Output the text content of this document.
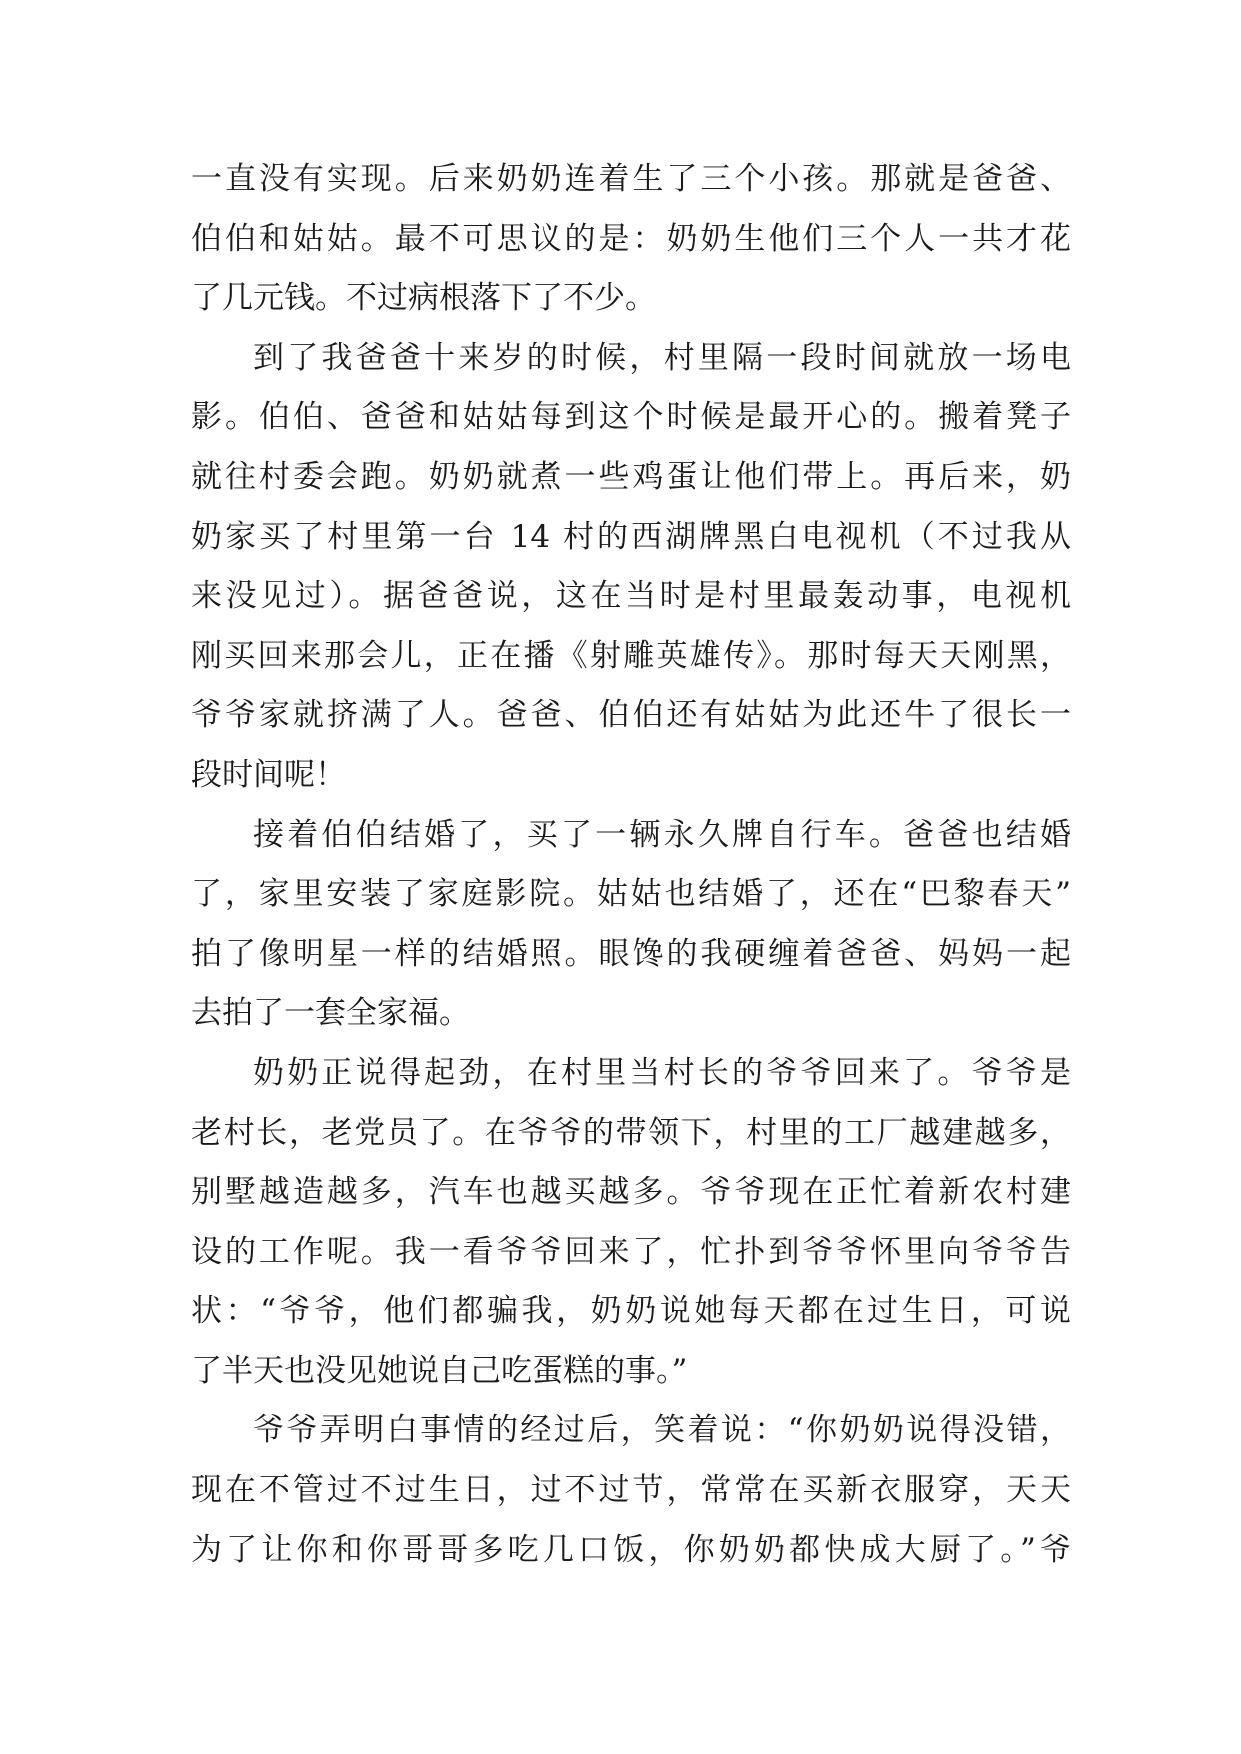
一直没有实现。后来奶奶连着生了三个小孩。那就是爸爸、
伯伯和姑姑。最不可思议的是：奶奶生他们三个人一共才花
了几元钱。不过病根落下了不少。
到了我爸爸十来岁的时候，村里隔一段时间就放一场电
影。伯伯、爸爸和姑姑每到这个时候是最开心的。搬着凳子
就往村委会跑。奶奶就煮一些鸡蛋让他们带上。再后来，奶
奶家买了村里第一台 14 村的西湖牌黑白电视机（不过我从
来没见过）。据爸爸说，这在当时是村里最轰动事，电视机
刚买回来那会儿，正在播《射雕英雄传》。那时每天天刚黑，
爷爷家就挤满了人。爸爸、伯伯还有姑姑为此还牛了很长一
段时间呢！
接着伯伯结婚了，买了一辆永久牌自行车。爸爸也结婚
了，家里安装了家庭影院。姑姑也结婚了，还在“巴黎春天”
拍了像明星一样的结婚照。眼馋的我硬缠着爸爸、妈妈一起
去拍了一套全家福。
奶奶正说得起劲，在村里当村长的爷爷回来了。爷爷是
老村长，老党员了。在爷爷的带领下，村里的工厂越建越多，
别墅越造越多，汽车也越买越多。爷爷现在正忙着新农村建
设的工作呢。我一看爷爷回来了，忙扑到爷爷怀里向爷爷告
状：“爷爷，他们都骗我，奶奶说她每天都在过生日，可说
了半天也没见她说自己吃蛋糕的事。”
爷爷弄明白事情的经过后，笑着说：“你奶奶说得没错，
现在不管过不过生日，过不过节，常常在买新衣服穿，天天
为了让你和你哥哥多吃几口饭，你奶奶都快成大厨了。”爷
